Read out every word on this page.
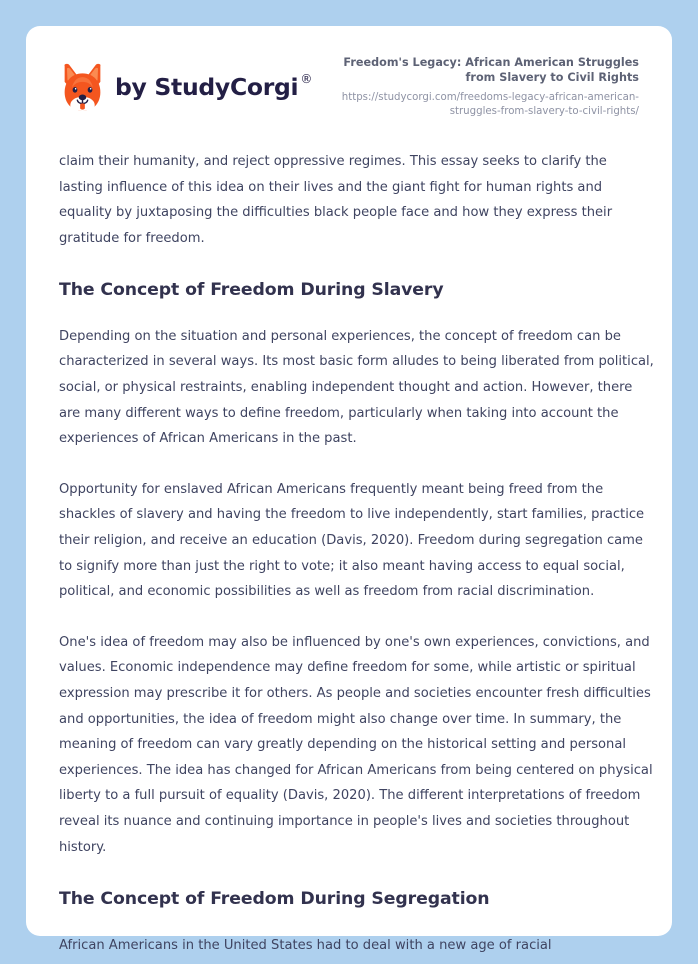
by StudyCorgi ®
Freedom's Legacy: African American Struggles from Slavery to Civil Rights
https://studycorgi.com/freedoms-legacy-african-american-struggles-from-slavery-to-civil-rights/

claim their humanity, and reject oppressive regimes. This essay seeks to clarify the lasting influence of this idea on their lives and the giant fight for human rights and equality by juxtaposing the difficulties black people face and how they express their gratitude for freedom.

The Concept of Freedom During Slavery

Depending on the situation and personal experiences, the concept of freedom can be characterized in several ways. Its most basic form alludes to being liberated from political, social, or physical restraints, enabling independent thought and action. However, there are many different ways to define freedom, particularly when taking into account the experiences of African Americans in the past.

Opportunity for enslaved African Americans frequently meant being freed from the shackles of slavery and having the freedom to live independently, start families, practice their religion, and receive an education (Davis, 2020). Freedom during segregation came to signify more than just the right to vote; it also meant having access to equal social, political, and economic possibilities as well as freedom from racial discrimination.

One's idea of freedom may also be influenced by one's own experiences, convictions, and values. Economic independence may define freedom for some, while artistic or spiritual expression may prescribe it for others. As people and societies encounter fresh difficulties and opportunities, the idea of freedom might also change over time. In summary, the meaning of freedom can vary greatly depending on the historical setting and personal experiences. The idea has changed for African Americans from being centered on physical liberty to a full pursuit of equality (Davis, 2020). The different interpretations of freedom reveal its nuance and continuing importance in people's lives and societies throughout history.

The Concept of Freedom During Segregation

African Americans in the United States had to deal with a new age of racial
